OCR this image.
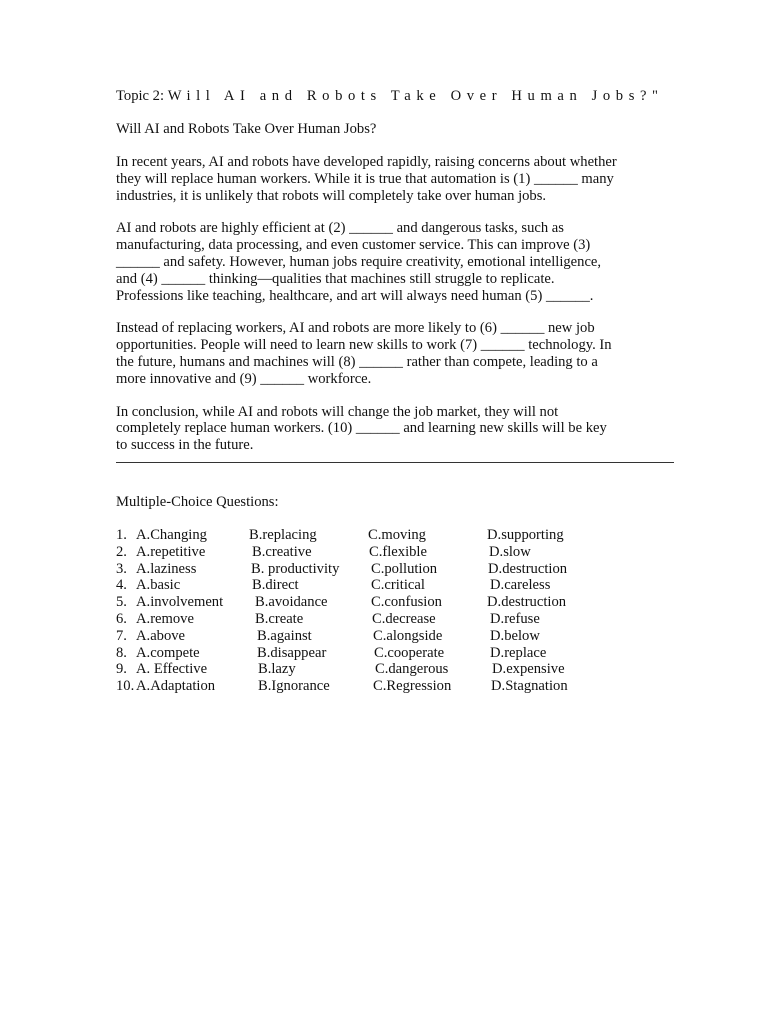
Topic 2: Will AI and Robots Take Over Human Jobs?"
Will AI and Robots Take Over Human Jobs?
In recent years, AI and robots have developed rapidly, raising concerns about whether
they will replace human workers. While it is true that automation is (1) ______ many
industries, it is unlikely that robots will completely take over human jobs.
AI and robots are highly efficient at (2) ______ and dangerous tasks, such as
manufacturing, data processing, and even customer service. This can improve (3)
______ and safety. However, human jobs require creativity, emotional intelligence,
and (4) ______ thinking—qualities that machines still struggle to replicate.
Professions like teaching, healthcare, and art will always need human (5) ______.
Instead of replacing workers, AI and robots are more likely to (6) ______ new job
opportunities. People will need to learn new skills to work (7) ______ technology. In
the future, humans and machines will (8) ______ rather than compete, leading to a
more innovative and (9) ______ workforce.
In conclusion, while AI and robots will change the job market, they will not
completely replace human workers. (10) ______ and learning new skills will be key
to success in the future.
Multiple-Choice Questions:
1. A.Changing	B.replacing	C.moving	D.supporting
2. A.repetitive	B.creative	C.flexible	D.slow
3. A.laziness	B. productivity C.pollution	D.destruction
4. A.basic	B.direct	C.critical	D.careless
5. A.involvement B.avoidance	C.confusion	D.destruction
6. A.remove	B.create	C.decrease	D.refuse
7. A.above	B.against	C.alongside	D.below
8. A.compete	B.disappear	C.cooperate	D.replace
9. A. Effective	B.lazy	C.dangerous	D.expensive
10. A.Adaptation	B.Ignorance	C.Regression	D.Stagnation
